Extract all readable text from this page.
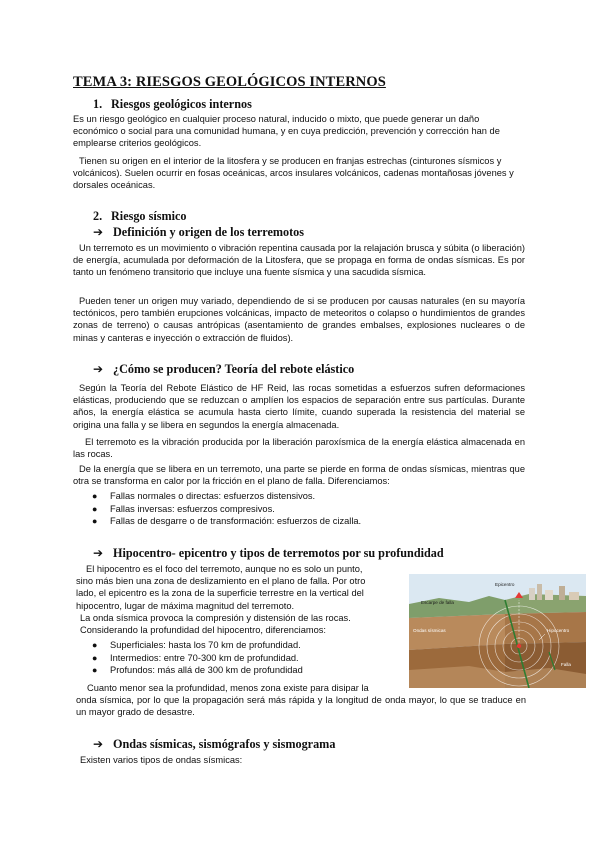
TEMA 3: RIESGOS GEOLÓGICOS INTERNOS
1. Riesgos geológicos internos

Es un riesgo geológico en cualquier proceso natural, inducido o mixto, que puede generar un daño económico o social para una comunidad humana, y en cuya predicción, prevención y corrección han de emplearse criterios geológicos.

Tienen su origen en el interior de la litosfera y se producen en franjas estrechas (cinturones sísmicos y volcánicos). Suelen ocurrir en fosas oceánicas, arcos insulares volcánicos, cadenas montañosas jóvenes y dorsales oceánicas.

2. Riesgo sísmico
➔ Definición y origen de los terremotos

Un terremoto es un movimiento o vibración repentina causada por la relajación brusca y súbita (o liberación) de energía, acumulada por deformación de la Litosfera, que se propaga en forma de ondas sísmicas. Es por tanto un fenómeno transitorio que incluye una fuente sísmica y una sacudida sísmica.

Pueden tener un origen muy variado, dependiendo de si se producen por causas naturales (en su mayoría tectónicos, pero también erupciones volcánicas, impacto de meteoritos o colapso o hundimientos de grandes zonas de terreno) o causas antrópicas (asentamiento de grandes embalses, explosiones nucleares o de minas y canteras e inyección o extracción de fluidos).

➔ ¿Cómo se producen? Teoría del rebote elástico

Según la Teoría del Rebote Elástico de HF Reid, las rocas sometidas a esfuerzos sufren deformaciones elásticas, produciendo que se reduzcan o amplíen los espacios de separación entre sus partículas. Durante años, la energía elástica se acumula hasta cierto límite, cuando superada la resistencia del material se origina una falla y se libera en segundos la energía almacenada.

El terremoto es la vibración producida por la liberación paroxísmica de la energía elástica almacenada en las rocas.

De la energía que se libera en un terremoto, una parte se pierde en forma de ondas sísmicas, mientras que otra se transforma en calor por la fricción en el plano de falla. Diferenciamos:

● Fallas normales o directas: esfuerzos distensivos.
● Fallas inversas: esfuerzos compresivos.
● Fallas de desgarre o de transformación: esfuerzos de cizalla.
➔ Hipocentro- epicentro y tipos de terremotos por su profundidad
El hipocentro es el foco del terremoto, aunque no es solo un punto,
sino más bien una zona de deslizamiento en el plano de falla. Por otro
lado, el epicentro es la zona de la superficie terrestre en la vertical del
hipocentro, lugar de máxima magnitud del terremoto.
La onda sísmica provoca la compresión y distensión de las rocas.
Considerando la profundidad del hipocentro, diferenciamos:
● Superficiales: hasta los 70 km de profundidad.
● Intermedios: entre 70-300 km de profundidad.
● Profundos: más allá de 300 km de profundidad
Cuanto menor sea la profundidad, menos zona existe para disipar la
onda sísmica, por lo que la propagación será más rápida y la longitud de onda mayor, lo que se traduce en un mayor grado de desastre.
Epicentro
Escarpe de falla
Ondas sísmicas	Hipocentro
Falla
➔ Ondas sísmicas, sismógrafos y sismograma

Existen varios tipos de ondas sísmicas:
